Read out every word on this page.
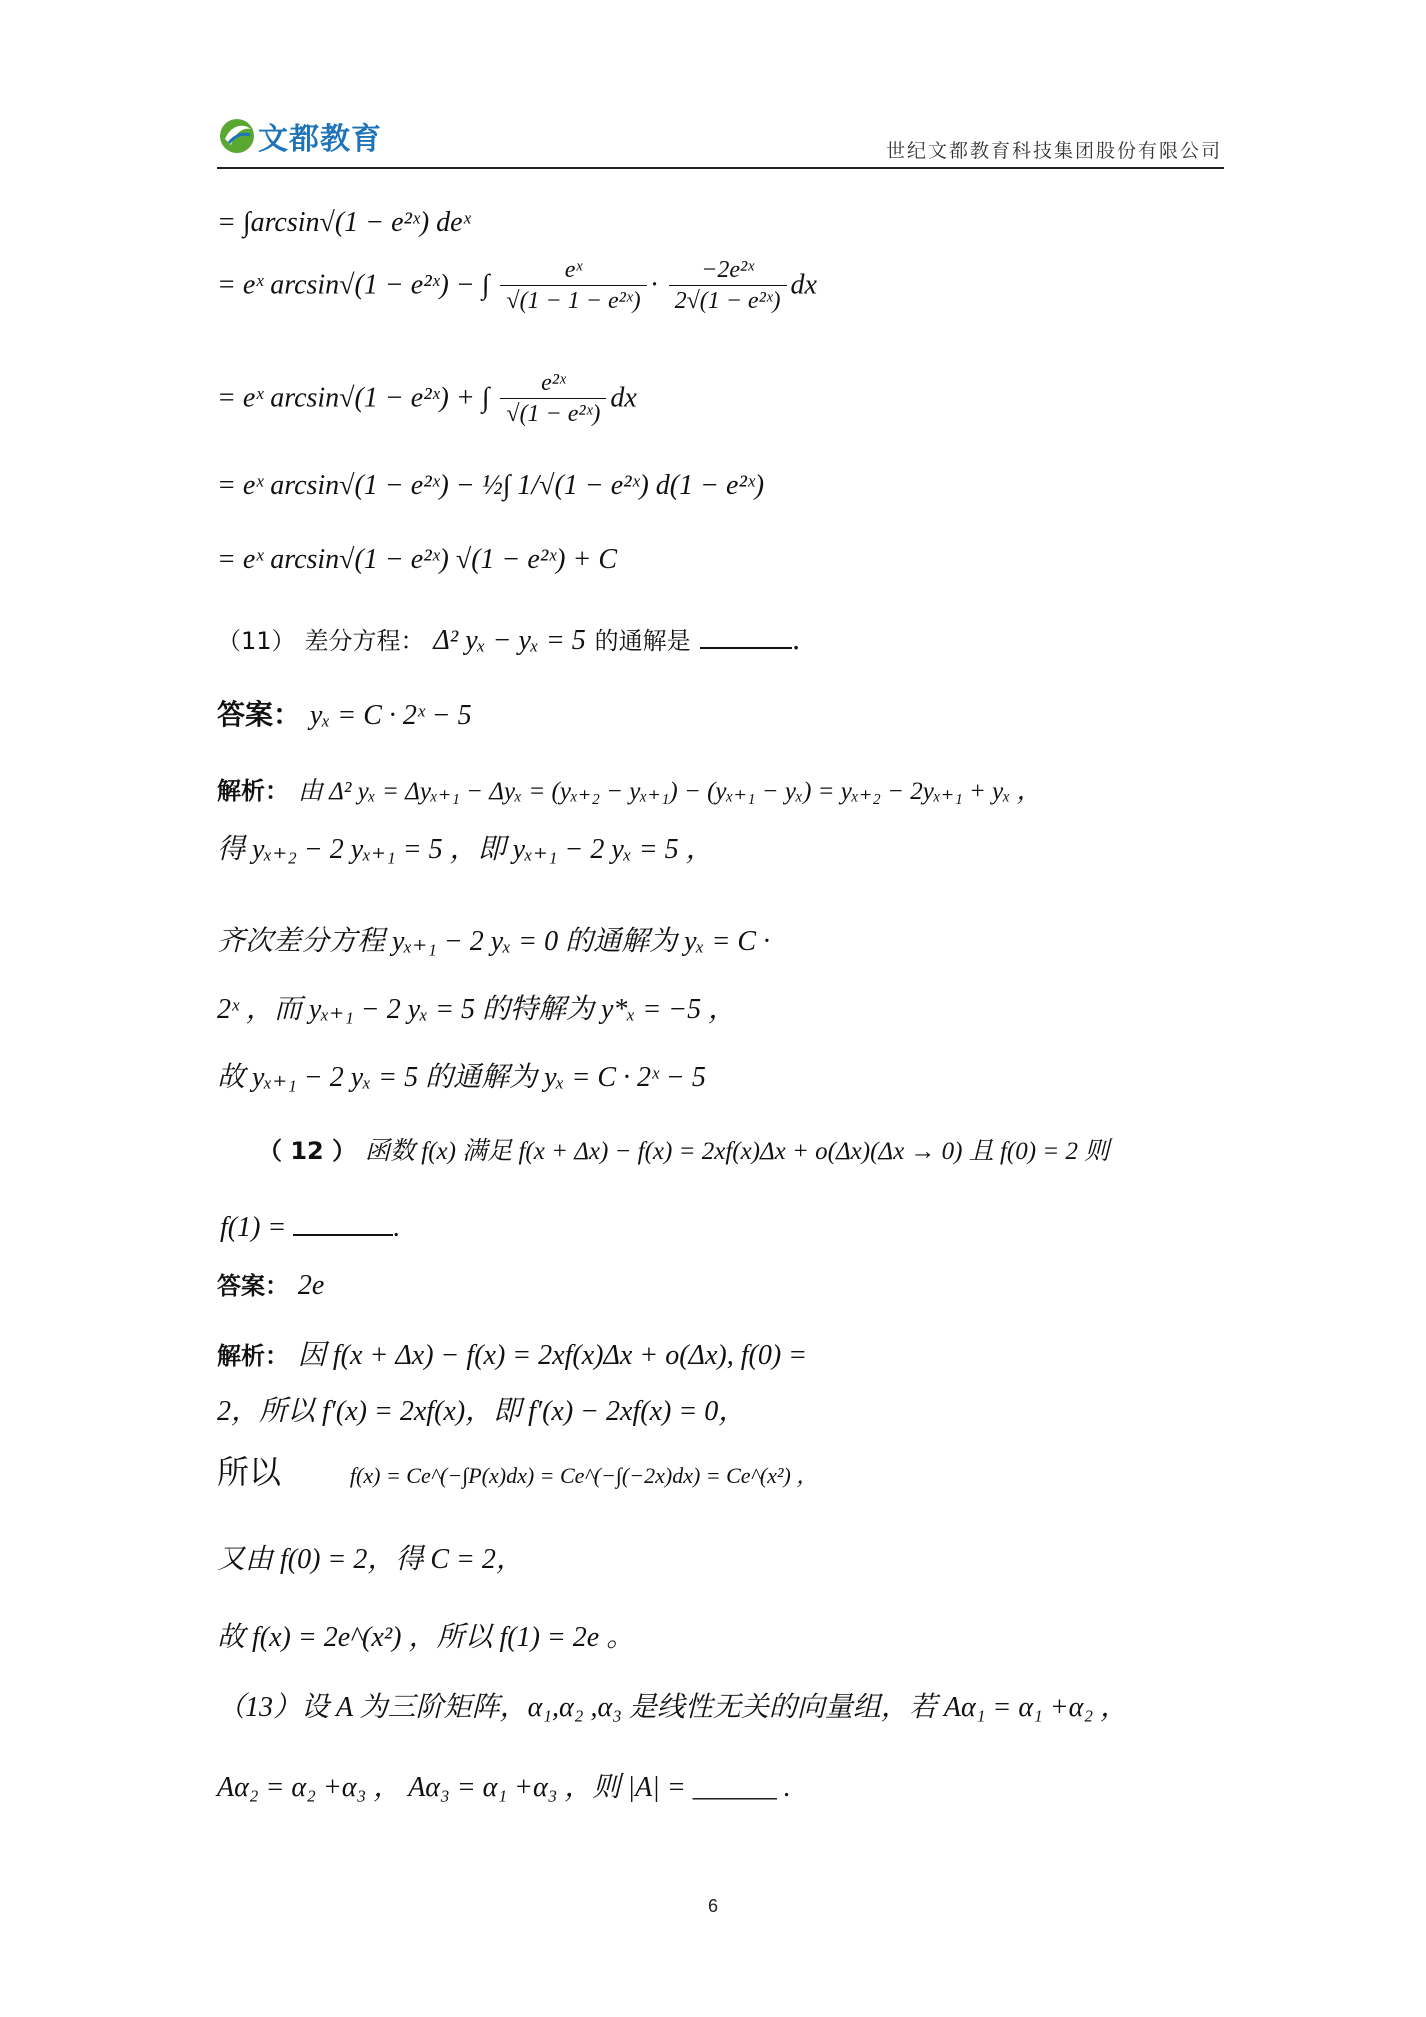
文都教育	世纪文都教育科技集团股份有限公司
= ∫arcsin√(1 − e²ˣ) deˣ
= eˣ arcsin√(1 − e²ˣ) − ∫ $\frac{\text{eˣ}}{\text{√(1 − 1 − e²ˣ)}} \cdot \frac{\text{−2e²ˣ}}{\text{2√(1 − e²ˣ)}}$ dx
= eˣ arcsin√(1 − e²ˣ) + ∫ $\frac{\text{e²ˣ}}{\text{√(1 − e²ˣ)}}$ dx
= eˣ arcsin√(1 − e²ˣ) − ½∫ 1/√(1 − e²ˣ) d(1 − e²ˣ)
= eˣ arcsin√(1 − e²ˣ) √(1 − e²ˣ) + C
（11） 差分方程： Δ² yₓ − yₓ = 5 的通解是	.
答案： yₓ = C · 2ˣ − 5
解析： 由 Δ² yₓ = Δyₓ₊₁ − Δyₓ = (yₓ₊₂ − yₓ₊₁) − (yₓ₊₁ − yₓ) = yₓ₊₂ − 2yₓ₊₁ + yₓ ，
得 yₓ₊₂ − 2 yₓ₊₁ = 5 ，即 yₓ₊₁ − 2 yₓ = 5 ，
齐次差分方程 yₓ₊₁ − 2 yₓ = 0 的通解为 yₓ = C ·
2ˣ ，而 yₓ₊₁ − 2 yₓ = 5 的特解为 y*ₓ = −5 ，
故 yₓ₊₁ − 2 yₓ = 5 的通解为 yₓ = C · 2ˣ − 5
（ 12 ） 函数 f(x) 满足 f(x + Δx) − f(x) = 2xf(x)Δx + o(Δx)(Δx → 0) 且 f(0) = 2 则
f(1) =	.
答案： 2e
解析： 因 f(x + Δx) − f(x) = 2xf(x)Δx + o(Δx), f(0) =
2，所以 f′(x) = 2xf(x)，即 f′(x) − 2xf(x) = 0，
所以	f(x) = Ce^(−∫P(x)dx) = Ce^(−∫(−2x)dx) = Ce^(x²) ，
又由 f(0) = 2，得 C = 2，
故 f(x) = 2e^(x²) ，所以 f(1) = 2e 。
（13）设 A 为三阶矩阵，α₁,α₂ ,α₃ 是线性无关的向量组，若 Aα₁ = α₁ +α₂ ，
Aα₂ = α₂ +α₃ ， Aα₃ = α₁ +α₃ ，则 |A| = ______ .
6
